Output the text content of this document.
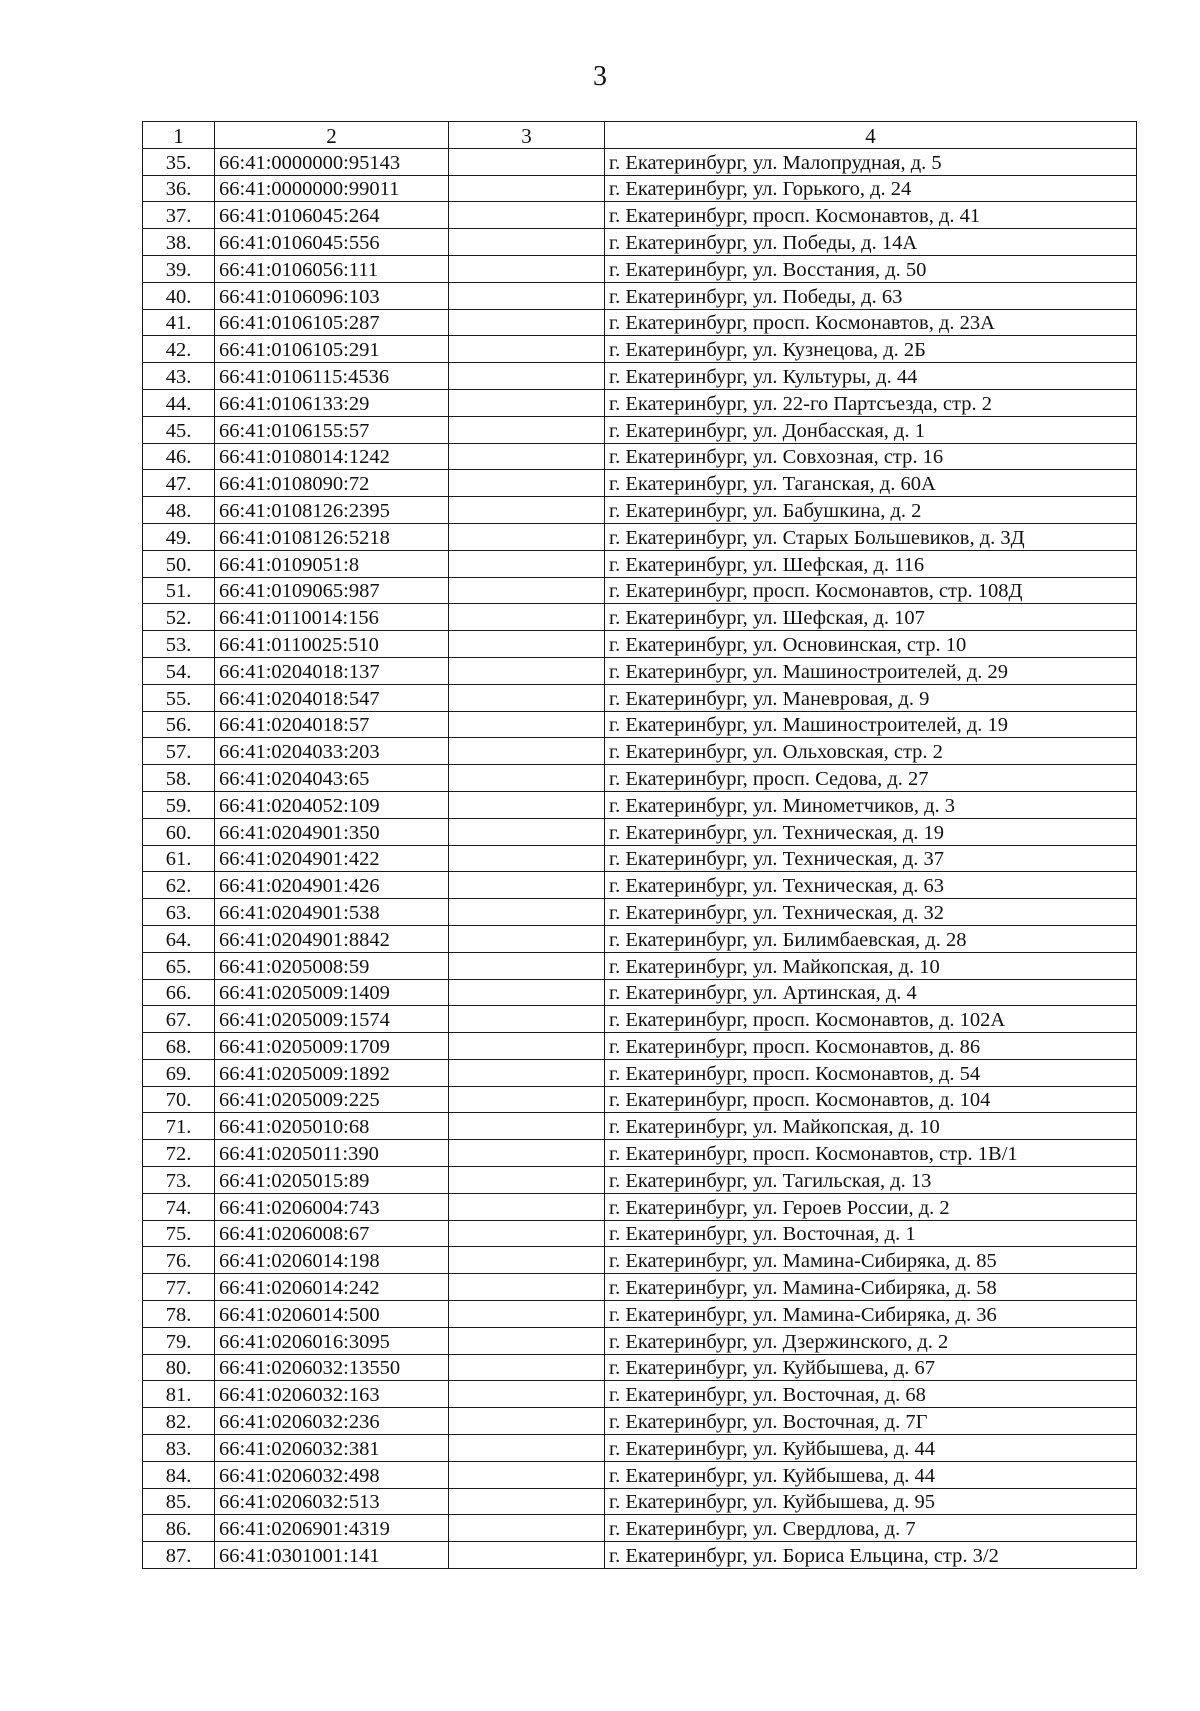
3
1	2	3	4
35.	66:41:0000000:95143		г. Екатеринбург, ул. Малопрудная, д. 5
36.	66:41:0000000:99011		г. Екатеринбург, ул. Горького, д. 24
37.	66:41:0106045:264		г. Екатеринбург, просп. Космонавтов, д. 41
38.	66:41:0106045:556		г. Екатеринбург, ул. Победы, д. 14А
39.	66:41:0106056:111		г. Екатеринбург, ул. Восстания, д. 50
40.	66:41:0106096:103		г. Екатеринбург, ул. Победы, д. 63
41.	66:41:0106105:287		г. Екатеринбург, просп. Космонавтов, д. 23А
42.	66:41:0106105:291		г. Екатеринбург, ул. Кузнецова, д. 2Б
43.	66:41:0106115:4536		г. Екатеринбург, ул. Культуры, д. 44
44.	66:41:0106133:29		г. Екатеринбург, ул. 22-го Партсъезда, стр. 2
45.	66:41:0106155:57		г. Екатеринбург, ул. Донбасская, д. 1
46.	66:41:0108014:1242		г. Екатеринбург, ул. Совхозная, стр. 16
47.	66:41:0108090:72		г. Екатеринбург, ул. Таганская, д. 60А
48.	66:41:0108126:2395		г. Екатеринбург, ул. Бабушкина, д. 2
49.	66:41:0108126:5218		г. Екатеринбург, ул. Старых Большевиков, д. 3Д
50.	66:41:0109051:8		г. Екатеринбург, ул. Шефская, д. 116
51.	66:41:0109065:987		г. Екатеринбург, просп. Космонавтов, стр. 108Д
52.	66:41:0110014:156		г. Екатеринбург, ул. Шефская, д. 107
53.	66:41:0110025:510		г. Екатеринбург, ул. Основинская, стр. 10
54.	66:41:0204018:137		г. Екатеринбург, ул. Машиностроителей, д. 29
55.	66:41:0204018:547		г. Екатеринбург, ул. Маневровая, д. 9
56.	66:41:0204018:57		г. Екатеринбург, ул. Машиностроителей, д. 19
57.	66:41:0204033:203		г. Екатеринбург, ул. Ольховская, стр. 2
58.	66:41:0204043:65		г. Екатеринбург, просп. Седова, д. 27
59.	66:41:0204052:109		г. Екатеринбург, ул. Минометчиков, д. 3
60.	66:41:0204901:350		г. Екатеринбург, ул. Техническая, д. 19
61.	66:41:0204901:422		г. Екатеринбург, ул. Техническая, д. 37
62.	66:41:0204901:426		г. Екатеринбург, ул. Техническая, д. 63
63.	66:41:0204901:538		г. Екатеринбург, ул. Техническая, д. 32
64.	66:41:0204901:8842		г. Екатеринбург, ул. Билимбаевская, д. 28
65.	66:41:0205008:59		г. Екатеринбург, ул. Майкопская, д. 10
66.	66:41:0205009:1409		г. Екатеринбург, ул. Артинская, д. 4
67.	66:41:0205009:1574		г. Екатеринбург, просп. Космонавтов, д. 102А
68.	66:41:0205009:1709		г. Екатеринбург, просп. Космонавтов, д. 86
69.	66:41:0205009:1892		г. Екатеринбург, просп. Космонавтов, д. 54
70.	66:41:0205009:225		г. Екатеринбург, просп. Космонавтов, д. 104
71.	66:41:0205010:68		г. Екатеринбург, ул. Майкопская, д. 10
72.	66:41:0205011:390		г. Екатеринбург, просп. Космонавтов, стр. 1В/1
73.	66:41:0205015:89		г. Екатеринбург, ул. Тагильская, д. 13
74.	66:41:0206004:743		г. Екатеринбург, ул. Героев России, д. 2
75.	66:41:0206008:67		г. Екатеринбург, ул. Восточная, д. 1
76.	66:41:0206014:198		г. Екатеринбург, ул. Мамина-Сибиряка, д. 85
77.	66:41:0206014:242		г. Екатеринбург, ул. Мамина-Сибиряка, д. 58
78.	66:41:0206014:500		г. Екатеринбург, ул. Мамина-Сибиряка, д. 36
79.	66:41:0206016:3095		г. Екатеринбург, ул. Дзержинского, д. 2
80.	66:41:0206032:13550		г. Екатеринбург, ул. Куйбышева, д. 67
81.	66:41:0206032:163		г. Екатеринбург, ул. Восточная, д. 68
82.	66:41:0206032:236		г. Екатеринбург, ул. Восточная, д. 7Г
83.	66:41:0206032:381		г. Екатеринбург, ул. Куйбышева, д. 44
84.	66:41:0206032:498		г. Екатеринбург, ул. Куйбышева, д. 44
85.	66:41:0206032:513		г. Екатеринбург, ул. Куйбышева, д. 95
86.	66:41:0206901:4319		г. Екатеринбург, ул. Свердлова, д. 7
87.	66:41:0301001:141		г. Екатеринбург, ул. Бориса Ельцина, стр. 3/2
